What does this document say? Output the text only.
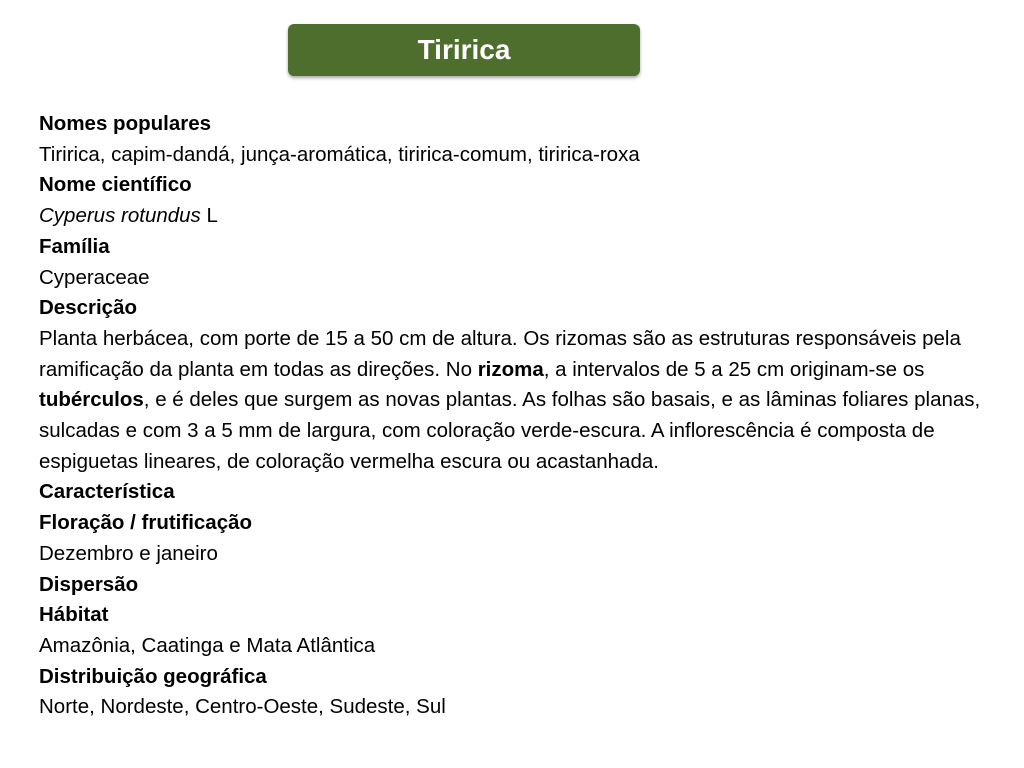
Tiririca

Nomes populares

Tiririca, capim-dandá, junça-aromática, tiririca-comum, tiririca-roxa

Nome científico

Cyperus rotundus L

Família

Cyperaceae

Descrição

Planta herbácea, com porte de 15 a 50 cm de altura. Os rizomas são as estruturas responsáveis pela ramificação da planta em todas as direções. No rizoma, a intervalos de 5 a 25 cm originam-se os tubérculos, e é deles que surgem as novas plantas. As folhas são basais, e as lâminas foliares planas, sulcadas e com 3 a 5 mm de largura, com coloração verde-escura. A inflorescência é composta de espiguetas lineares, de coloração vermelha escura ou acastanhada.

Característica

Floração / frutificação

Dezembro e janeiro

Dispersão

Hábitat

Amazônia, Caatinga e Mata Atlântica

Distribuição geográfica

Norte, Nordeste, Centro-Oeste, Sudeste, Sul
